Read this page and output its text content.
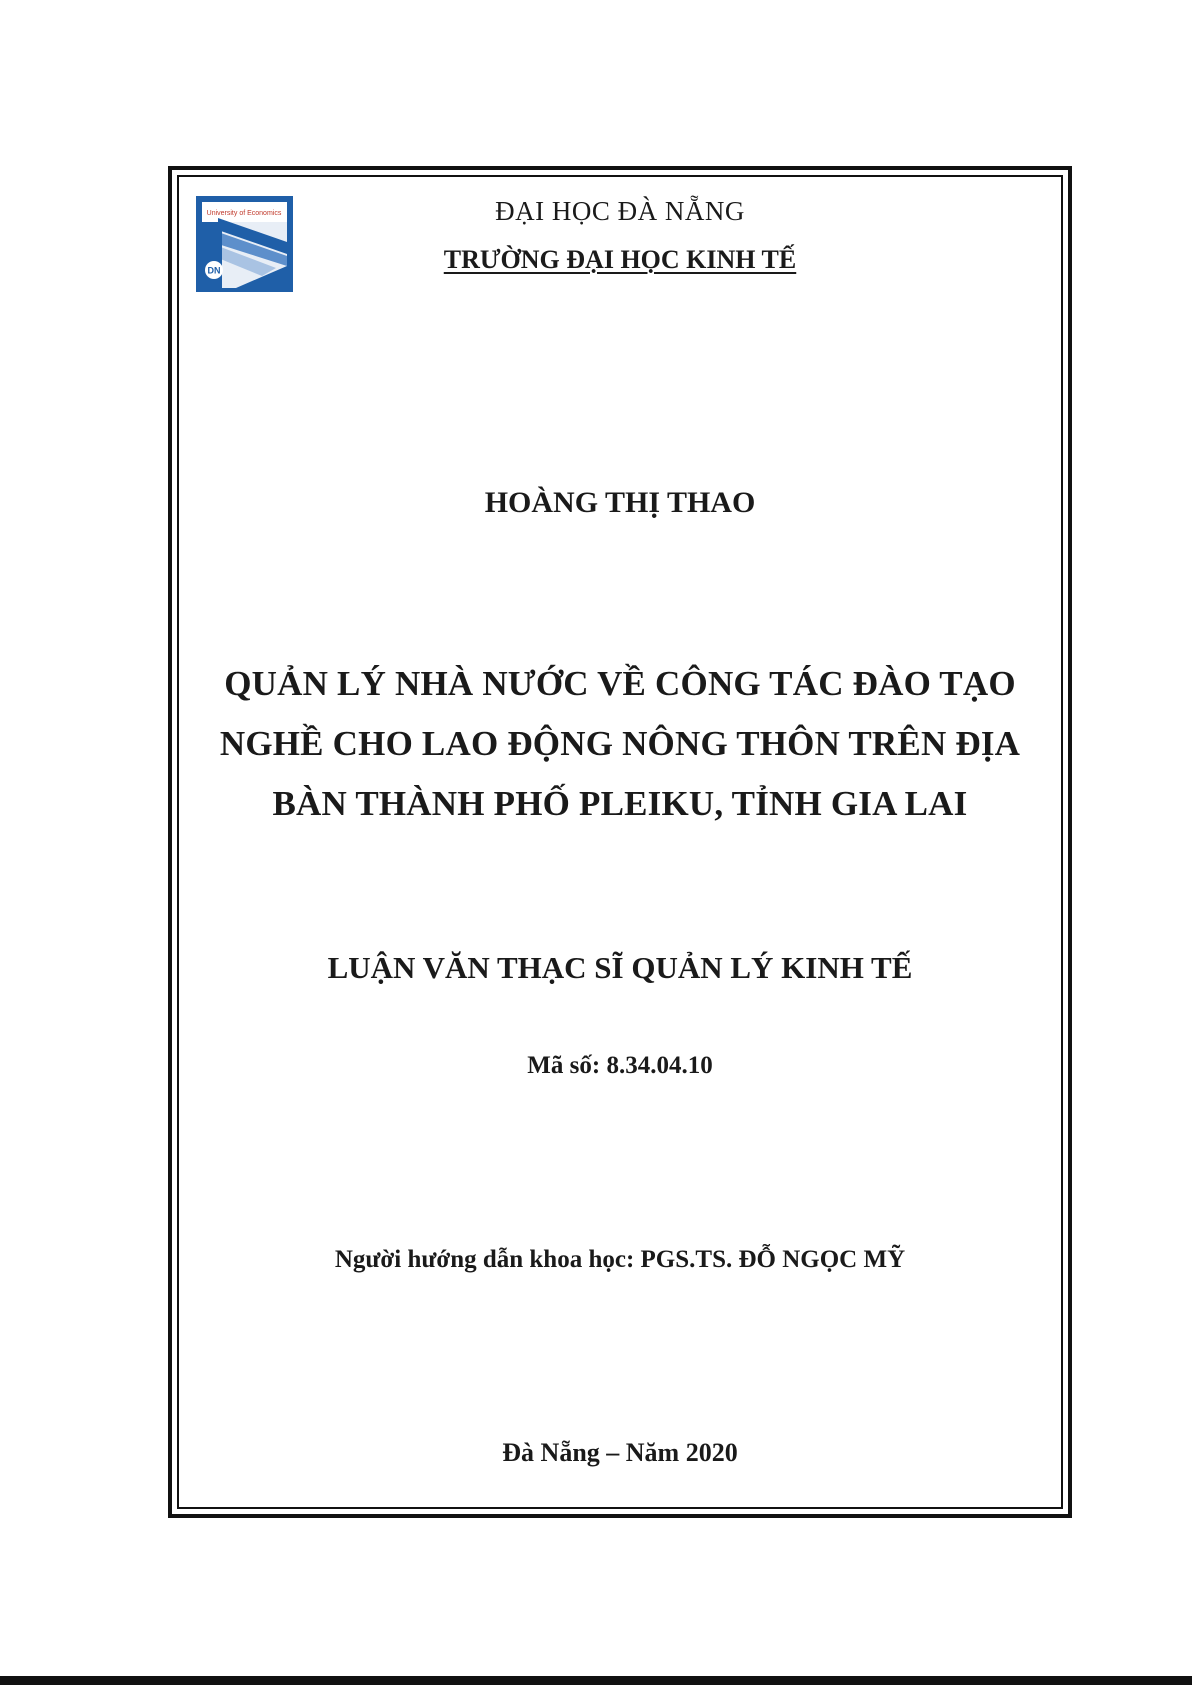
DN
University of Economics	ĐẠI HỌC ĐÀ NẴNG
TRƯỜNG ĐẠI HỌC KINH TẾ
HOÀNG THỊ THAO
QUẢN LÝ NHÀ NƯỚC VỀ CÔNG TÁC ĐÀO TẠO
NGHỀ CHO LAO ĐỘNG NÔNG THÔN TRÊN ĐỊA
BÀN THÀNH PHỐ PLEIKU, TỈNH GIA LAI
LUẬN VĂN THẠC SĨ QUẢN LÝ KINH TẾ
Mã số: 8.34.04.10
Người hướng dẫn khoa học: PGS.TS. ĐỖ NGỌC MỸ
Đà Nẵng – Năm 2020
